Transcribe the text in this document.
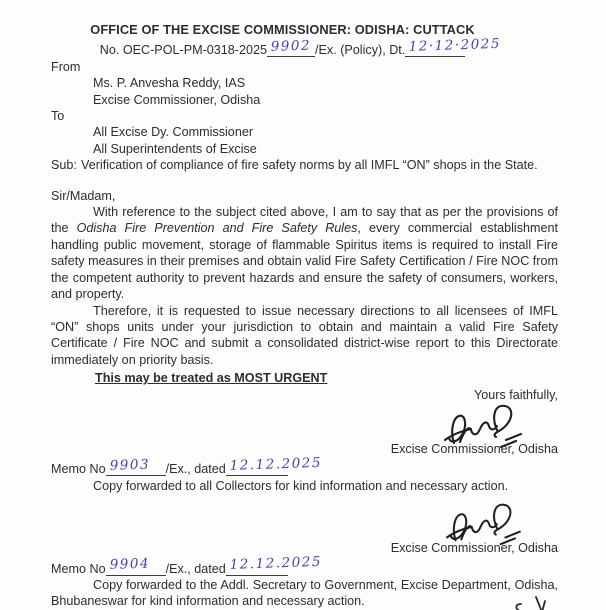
OFFICE OF THE EXCISE COMMISSIONER: ODISHA: CUTTACK
No. OEC-POL-PM-0318-2025 9902 /Ex. (Policy), Dt. 12·12·2025
From
Ms. P. Anvesha Reddy, IAS
Excise Commissioner, Odisha
To
All Excise Dy. Commissioner
All Superintendents of Excise
Sub: Verification of compliance of fire safety norms by all IMFL “ON” shops in the State.
Sir/Madam,
With reference to the subject cited above, I am to say that as per the provisions of the Odisha Fire Prevention and Fire Safety Rules, every commercial establishment handling public movement, storage of flammable Spiritus items is required to install Fire safety measures in their premises and obtain valid Fire Safety Certification / Fire NOC from the competent authority to prevent hazards and ensure the safety of consumers, workers, and property.
Therefore, it is requested to issue necessary directions to all licensees of IMFL “ON” shops units under your jurisdiction to obtain and maintain a valid Fire Safety Certificate / Fire NOC and submit a consolidated district-wise report to this Directorate immediately on priority basis.
This may be treated as MOST URGENT
Yours faithfully,
Excise Commissioner, Odisha
Memo No 9903 /Ex., dated 12.12.2025
Copy forwarded to all Collectors for kind information and necessary action.
Excise Commissioner, Odisha
Memo No 9904 /Ex., dated 12.12.2025
Copy forwarded to the Addl. Secretary to Government, Excise Department, Odisha, Bhubaneswar for kind information and necessary action.
